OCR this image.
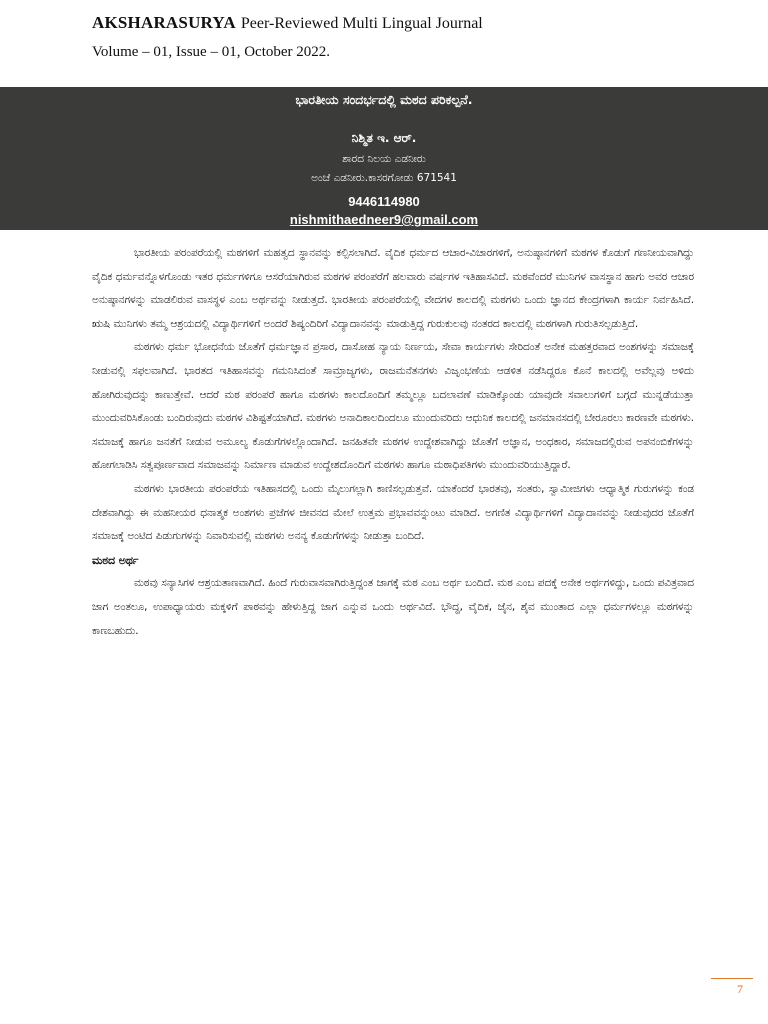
AKSHARASURYA Peer-Reviewed Multi Lingual Journal
Volume – 01, Issue – 01, October 2022.
ಭಾರತೀಯ ಸಂದರ್ಭದಲ್ಲಿ ಮಠದ ಪರಿಕಲ್ಪನೆ.
ನಿಶ್ಮಿತ ಇ. ಆರ್.
ಶಾರದ ನಿಲಯ ಎಡನೀರು
ಅಂಚೆ ಎಡನೀರು.ಕಾಸರಗೋಡು 671541
9446114980
nishmithaedneer9@gmail.com

ಭಾರತೀಯ ಪರಂಪರೆಯಲ್ಲಿ ಮಠಗಳಿಗೆ ಮಹತ್ವದ ಸ್ಥಾನವನ್ನು ಕಲ್ಪಿಸಲಾಗಿದೆ. ವೈದಿಕ ಧರ್ಮದ ಆಚಾರ-ವಿಚಾರಗಳಿಗೆ, ಅನುಷ್ಠಾನಗಳಿಗೆ ಮಠಗಳ ಕೊಡುಗೆ ಗಣನೀಯವಾಗಿದ್ದು ವೈದಿಕ ಧರ್ಮವನ್ನೊಳಗೊಂಡು ಇತರ ಧರ್ಮಗಳಿಗೂ ಆಸರೆಯಾಗಿರುವ ಮಠಗಳ ಪರಂಪರೆಗೆ ಹಲವಾರು ವರ್ಷಗಳ ಇತಿಹಾಸವಿದೆ. ಮಠವೆಂದರೆ ಮುನಿಗಳ ವಾಸಸ್ಥಾನ ಹಾಗು ಅವರ ಆಚಾರ ಅನುಷ್ಠಾನಗಳನ್ನು ಮಾಡಲಿರುವ ವಾಸಸ್ಥಳ ಎಂಬ ಅರ್ಥವನ್ನು ನೀಡುತ್ತದೆ. ಭಾರತೀಯ ಪರಂಪರೆಯಲ್ಲಿ ವೇದಗಳ ಕಾಲದಲ್ಲಿ ಮಠಗಳು ಒಂದು ಜ್ಞಾನದ ಕೇಂದ್ರಗಳಾಗಿ ಕಾರ್ಯ ನಿರ್ವಹಿಸಿದೆ. ಋಷಿ ಮುನಿಗಳು ತಮ್ಮ ಆಶ್ರಯದಲ್ಲಿ ವಿದ್ಯಾರ್ಥಿಗಳಿಗೆ ಅಂದರೆ ಶಿಷ್ಯಂದಿರಿಗೆ ವಿದ್ಯಾದಾನವನ್ನು ಮಾಡುತ್ತಿದ್ದ ಗುರುಕುಲವು ನಂತರದ ಕಾಲದಲ್ಲಿ ಮಠಗಳಾಗಿ ಗುರುತಿಸಲ್ಪಡುತ್ತಿದೆ.

ಮಠಗಳು ಧರ್ಮ ಭೋಧನೆಯ ಜೊತೆಗೆ ಧರ್ಮಜ್ಞಾನ ಪ್ರಸಾರ, ದಾಸೋಹ ನ್ಯಾಯ ನಿರ್ಣಯ, ಸೇವಾ ಕಾರ್ಯಗಳು ಸೇರಿದಂತೆ ಅನೇಕ ಮಹತ್ತರವಾದ ಅಂಶಗಳನ್ನು ಸಮಾಜಕ್ಕೆ ನೀಡುವಲ್ಲಿ ಸಫಲವಾಗಿದೆ. ಭಾರತದ ಇತಿಹಾಸವನ್ನು ಗಮನಿಸಿದಂತೆ ಸಾಮ್ರಾಜ್ಯಗಳು, ರಾಜಮನೆತನಗಳು ವಿಜೃಂಭಣೆಯ ಆಡಳಿತ ನಡೆಸಿದ್ದರೂ ಕೊನೆ ಕಾಲದಲ್ಲಿ ಅವೆಲ್ಲವು ಅಳಿದು ಹೋಗಿರುವುದನ್ನು ಕಾಣುತ್ತೇವೆ. ಆದರೆ ಮಠ ಪರಂಪರೆ ಹಾಗೂ ಮಠಗಳು ಕಾಲದೊಂದಿಗೆ ತಮ್ಮಲ್ಲೂ ಬದಲಾವಣೆ ಮಾಡಿಕ್ಕೊಂಡು ಯಾವುದೇ ಸವಾಲುಗಳಿಗೆ ಬಗ್ಗದೆ ಮುನ್ನಡೆಯುತ್ತಾ ಮುಂದುವರಿಸಿಕೊಂಡು ಬಂದಿರುವುದು ಮಠಗಳ ವಿಶಿಷ್ಟತೆಯಾಗಿದೆ. ಮಠಗಳು ಅನಾದಿಕಾಲದಿಂದಲೂ ಮುಂದುವರಿದು ಆಧುನಿಕ ಕಾಲದಲ್ಲಿ ಜನಮಾನಸದಲ್ಲಿ ಬೇರೂರಲು ಕಾರಣವೇ ಮಠಗಳು. ಸಮಾಜಕ್ಕೆ ಹಾಗೂ ಜನತೆಗೆ ನೀಡುವ ಅಮೂಲ್ಯ ಕೊಡುಗೆಗಳಲ್ಲೊಂದಾಗಿದೆ. ಜನಹಿತವೇ ಮಠಗಳ ಉದ್ದೇಶವಾಗಿದ್ದು ಜೊತೆಗೆ ಅಜ್ಞಾನ, ಅಂಧಕಾರ, ಸಮಾಜದಲ್ಲಿರುವ ಅಪನಂಬಿಕೆಗಳನ್ನು ಹೋಗಲಾಡಿಸಿ ಸತ್ವಪೂರ್ಣವಾದ ಸಮಾಜವನ್ನು ನಿರ್ಮಾಣ ಮಾಡುವ ಉದ್ದೇಶದೊಂದಿಗೆ ಮಠಗಳು ಹಾಗೂ ಮಠಾಧಿಪತಿಗಳು ಮುಂದುವರಿಯುತ್ತಿದ್ದಾರೆ.

ಮಠಗಳು ಭಾರತೀಯ ಪರಂಪರೆಯ ಇತಿಹಾಸದಲ್ಲಿ ಒಂದು ಮೈಲುಗಲ್ಲಾಗಿ ಕಾಣಿಸಲ್ಪಡುತ್ತವೆ. ಯಾಕೆಂದರೆ ಭಾರತವು, ಸಂತರು, ಸ್ವಾಮೀಜಿಗಳು ಆಧ್ಯಾತ್ಮಿಕ ಗುರುಗಳನ್ನು ಕಂಡ ದೇಶವಾಗಿದ್ದು ಈ ಮಹನೀಯರ ಧನಾತ್ಮಕ ಅಂಶಗಳು ಪ್ರಜೆಗಳ ಜೀವನದ ಮೇಲೆ ಉತ್ತಮ ಪ್ರಭಾವವನ್ನುಂಟು ಮಾಡಿದೆ. ಅಗಣಿತ ವಿದ್ಯಾರ್ಥಿಗಳಿಗೆ ವಿದ್ಯಾದಾನವನ್ನು ನೀಡುವುದರ ಜೊತೆಗೆ ಸಮಾಜಕ್ಕೆ ಅಂಟಿದ ಪಿಡುಗುಗಳನ್ನು ನಿವಾರಿಸುವಲ್ಲಿ ಮಠಗಳು ಅನನ್ಯ ಕೊಡುಗೆಗಳನ್ನು ನೀಡುತ್ತಾ ಬಂದಿದೆ.

ಮಠದ ಅರ್ಥ

ಮಠವು ಸನ್ಯಾಸಿಗಳ ಆಶ್ರಯತಾಣವಾಗಿದೆ. ಹಿಂದೆ ಗುರುವಾಸವಾಗಿರುತ್ತಿದ್ದಂತ ಜಾಗಕ್ಕೆ ಮಠ ಎಂಬ ಅರ್ಥ ಬಂದಿದೆ. ಮಠ ಎಂಬ ಪದಕ್ಕೆ ಅನೇಕ ಅರ್ಥಗಳಿದ್ದು, ಒಂದು ಪವಿತ್ರವಾದ ಜಾಗ ಅಂತಲೂ, ಉಪಾಧ್ಯಾಯರು ಮಕ್ಕಳಿಗೆ ಪಾಠವನ್ನು ಹೇಳುತ್ತಿದ್ದ ಜಾಗ ಎನ್ನುವ ಒಂದು ಅರ್ಥವಿದೆ. ಭೌದ್ಧ, ವೈದಿಕ, ಜೈನ, ಶೈವ ಮುಂತಾದ ಎಲ್ಲಾ ಧರ್ಮಗಳಲ್ಲೂ ಮಠಗಳನ್ನು ಕಾಣಬಹುದು.

7
